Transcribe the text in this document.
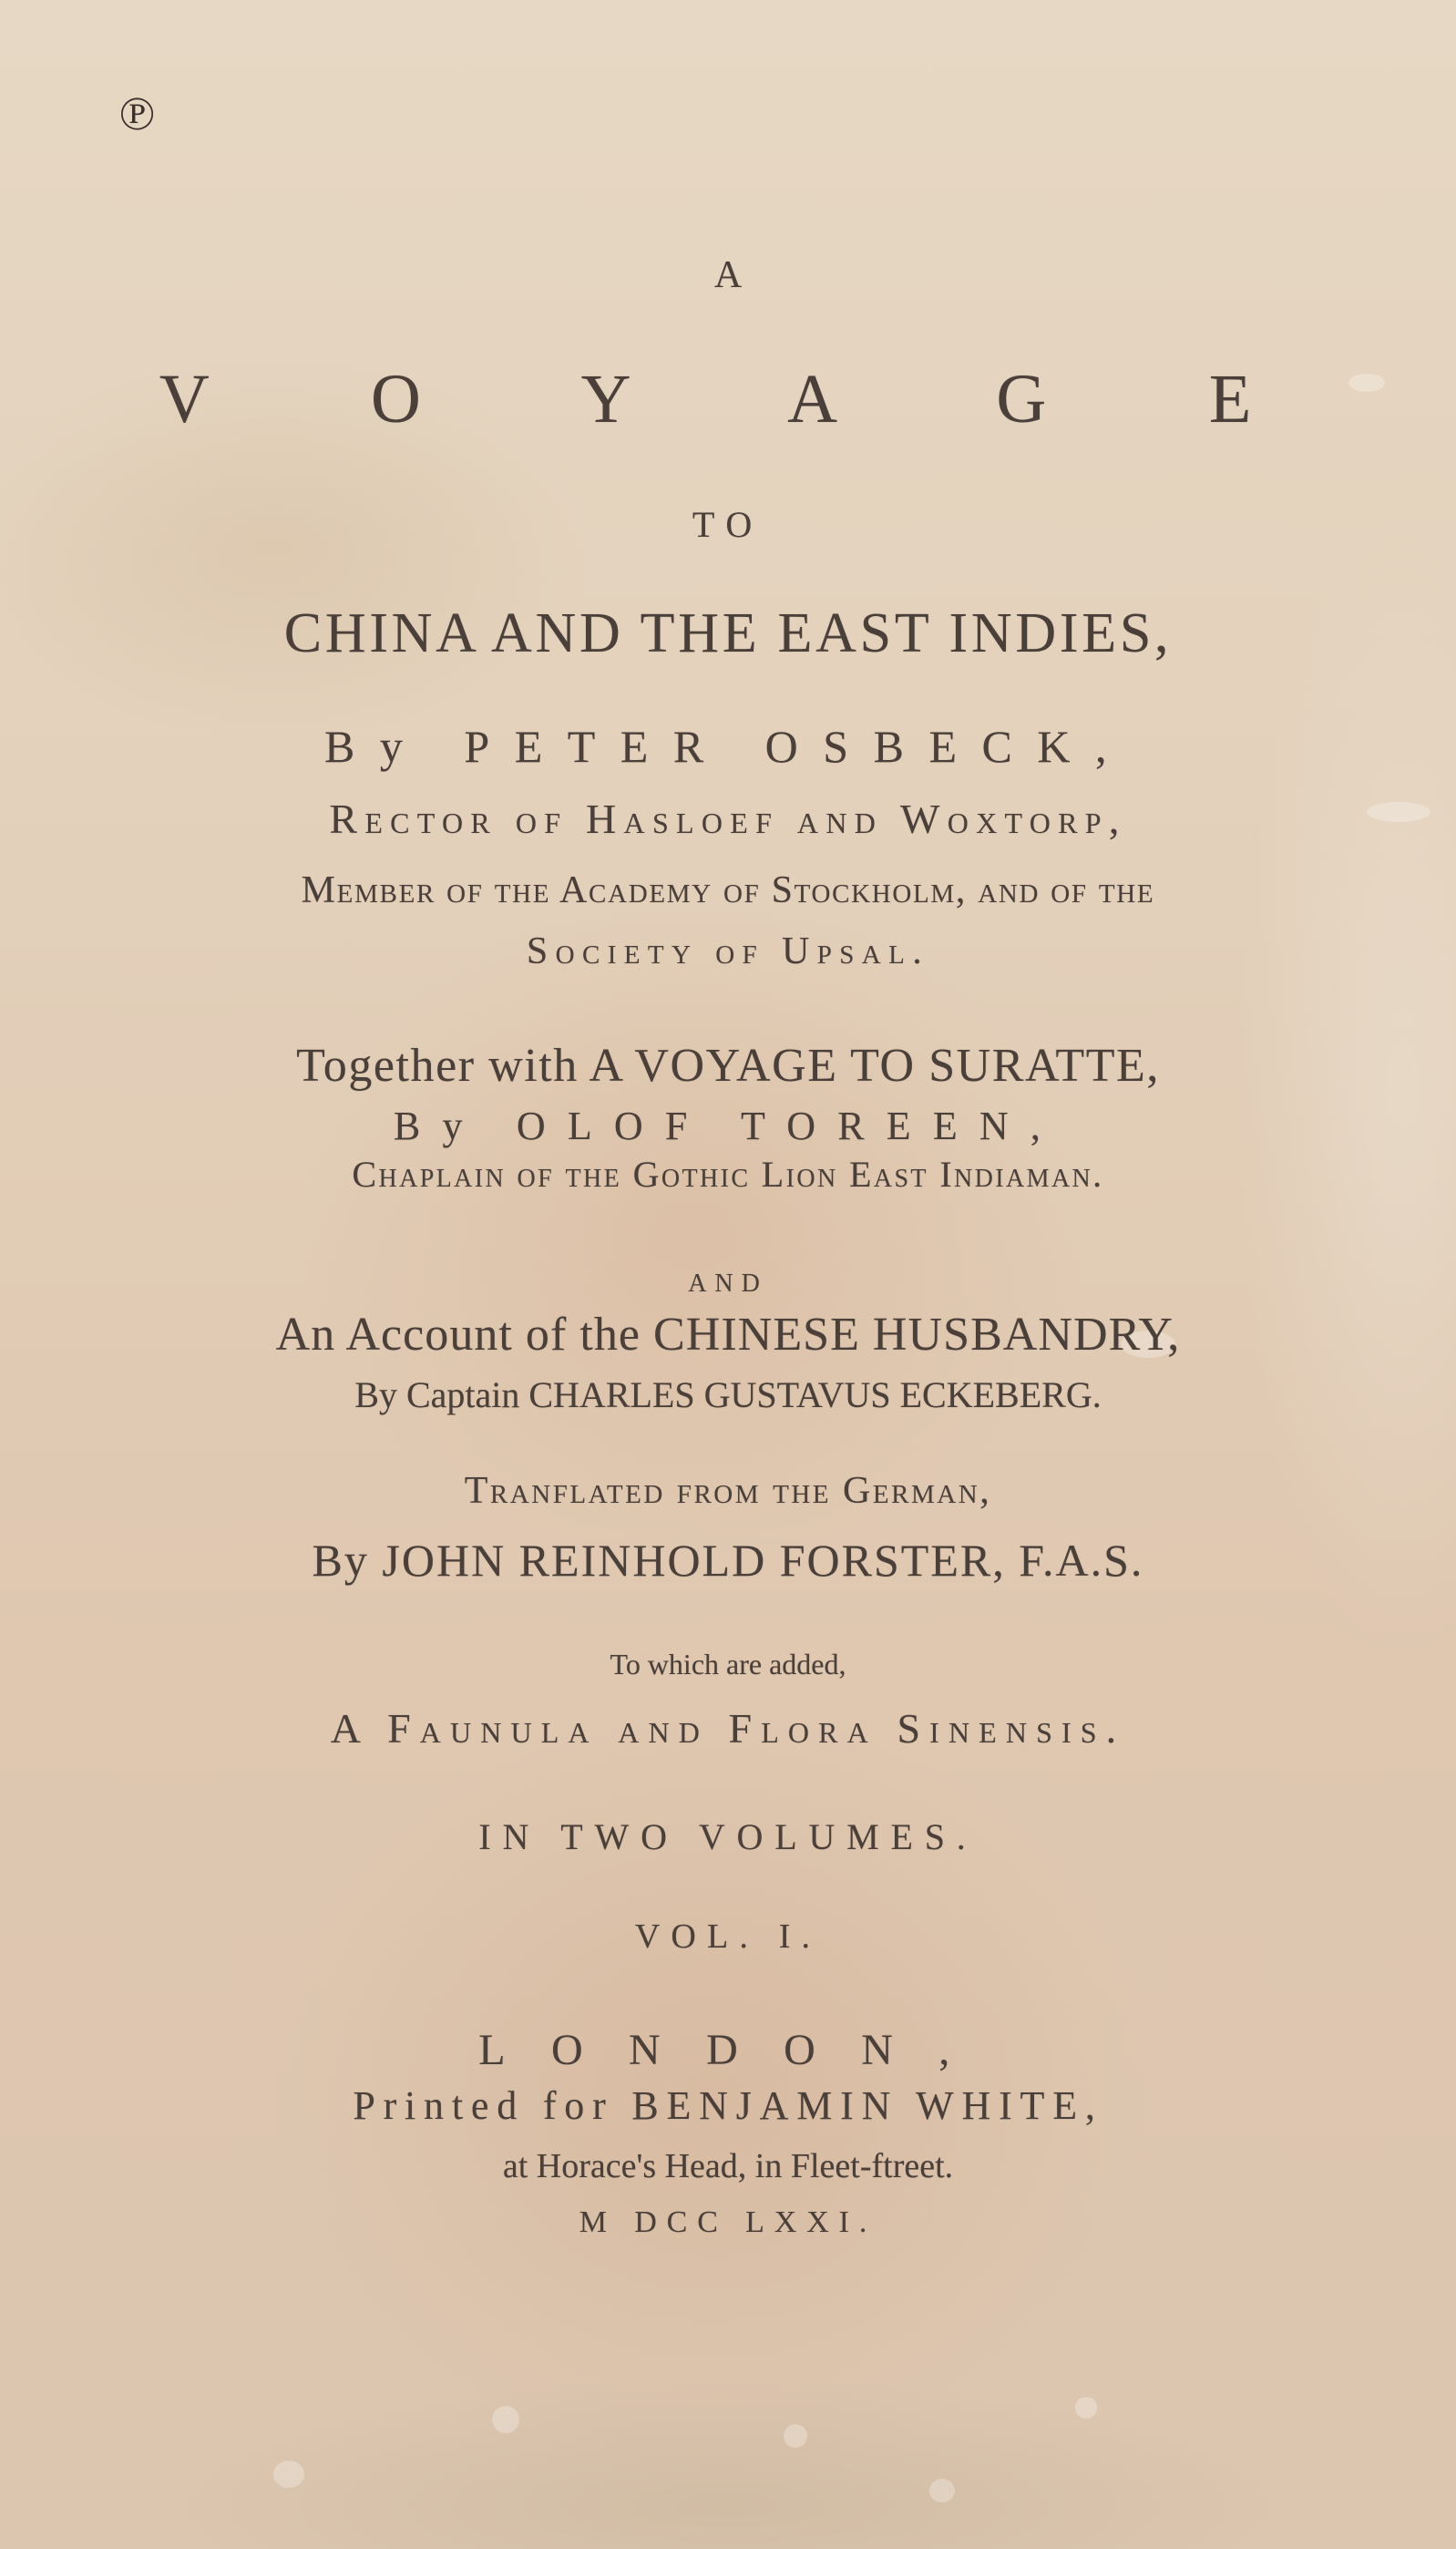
℗
A
V O Y A G E
TO
CHINA AND THE EAST INDIES,
By PETER OSBECK,
Rector of Hasloef and Woxtorp,
Member of the Academy of Stockholm, and of the
Society of Upsal.
Together with A VOYAGE TO SURATTE,
By OLOF TOREEN,
Chaplain of the Gothic Lion East Indiaman.
AND
An Account of the CHINESE HUSBANDRY,
By Captain CHARLES GUSTAVUS ECKEBERG.
Tranflated from the German,
By JOHN REINHOLD FORSTER, F.A.S.
To which are added,
A Faunula and Flora Sinensis.
IN TWO VOLUMES.
VOL. I.
LONDON,
Printed for BENJAMIN WHITE,
at Horace's Head, in Fleet-ftreet.
M DCC LXXI.
